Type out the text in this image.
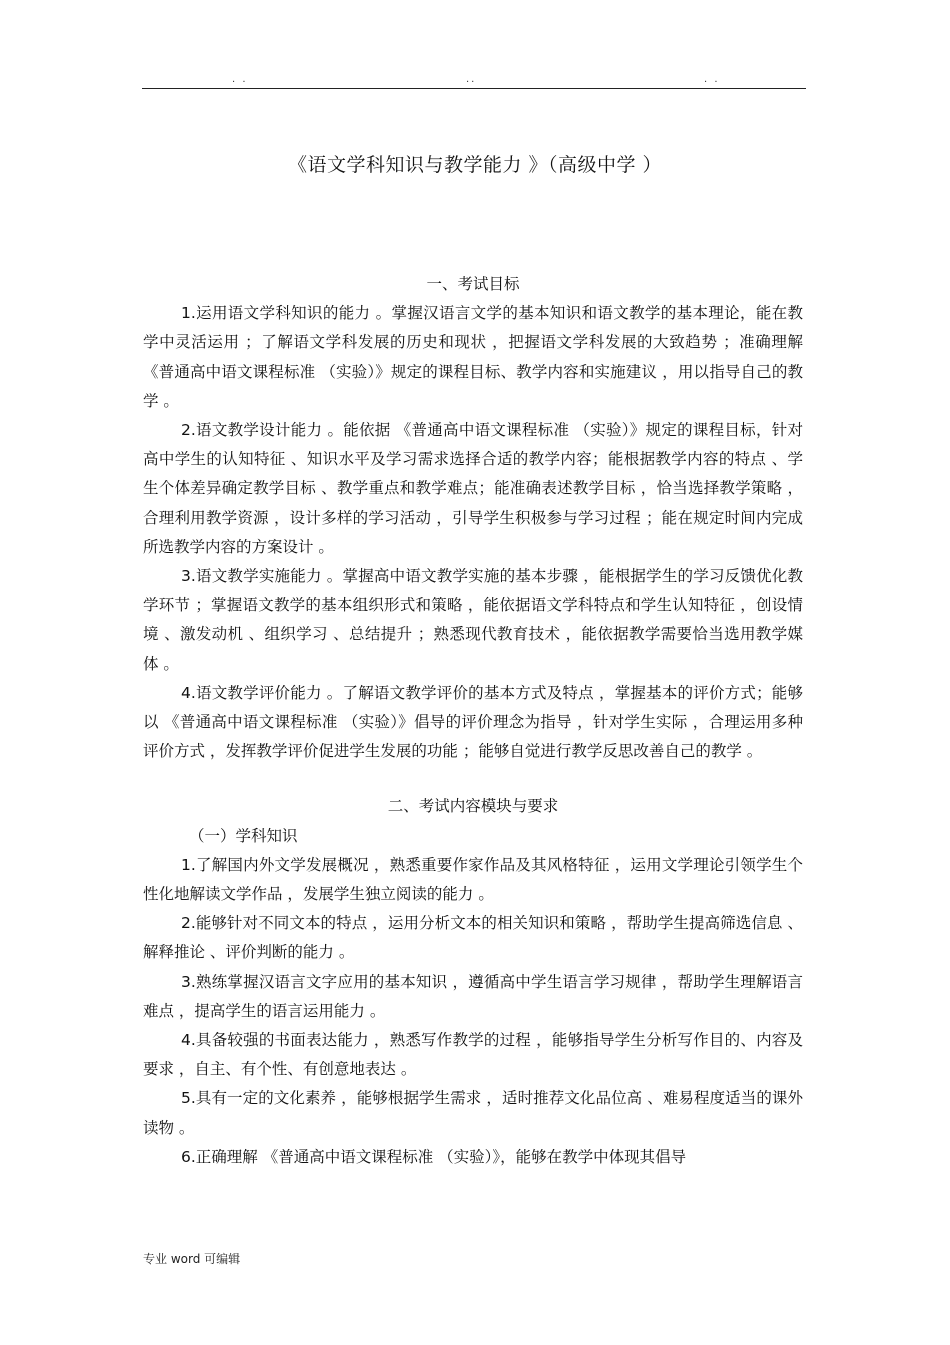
. .	..	. .
《语文学科知识与教学能力 》（高级中学 ）

一、考试目标

1.运用语文学科知识的能力 。掌握汉语言文学的基本知识和语文教学的基本理论，能在教学中灵活运用 ；了解语文学科发展的历史和现状 ，把握语文学科发展的大致趋势 ；准确理解 《普通高中语文课程标准 （实验）》规定的课程目标、教学内容和实施建议 ，用以指导自己的教学 。

2.语文教学设计能力 。能依据 《普通高中语文课程标准 （实验）》规定的课程目标，针对高中学生的认知特征 、知识水平及学习需求选择合适的教学内容；能根据教学内容的特点 、学生个体差异确定教学目标 、教学重点和教学难点；能准确表述教学目标 ，恰当选择教学策略 ，合理利用教学资源 ，设计多样的学习活动 ，引导学生积极参与学习过程 ；能在规定时间内完成所选教学内容的方案设计 。

3.语文教学实施能力 。掌握高中语文教学实施的基本步骤 ，能根据学生的学习反馈优化教学环节 ；掌握语文教学的基本组织形式和策略 ，能依据语文学科特点和学生认知特征 ，创设情境 、激发动机 、组织学习 、总结提升 ；熟悉现代教育技术 ，能依据教学需要恰当选用教学媒体 。

4.语文教学评价能力 。了解语文教学评价的基本方式及特点 ，掌握基本的评价方式；能够以 《普通高中语文课程标准 （实验）》倡导的评价理念为指导 ，针对学生实际 ，合理运用多种评价方式 ，发挥教学评价促进学生发展的功能 ；能够自觉进行教学反思改善自己的教学 。

二、考试内容模块与要求

（一）学科知识

1.了解国内外文学发展概况 ，熟悉重要作家作品及其风格特征 ，运用文学理论引领学生个性化地解读文学作品 ，发展学生独立阅读的能力 。

2.能够针对不同文本的特点 ，运用分析文本的相关知识和策略 ，帮助学生提高筛选信息 、解释推论 、评价判断的能力 。

3.熟练掌握汉语言文字应用的基本知识 ，遵循高中学生语言学习规律 ，帮助学生理解语言难点 ，提高学生的语言运用能力 。

4.具备较强的书面表达能力 ，熟悉写作教学的过程 ，能够指导学生分析写作目的、内容及要求 ，自主、有个性、有创意地表达 。

5.具有一定的文化素养 ，能够根据学生需求 ，适时推荐文化品位高 、难易程度适当的课外读物 。

6.正确理解 《普通高中语文课程标准 （实验）》，能够在教学中体现其倡导

专业 word 可编辑
